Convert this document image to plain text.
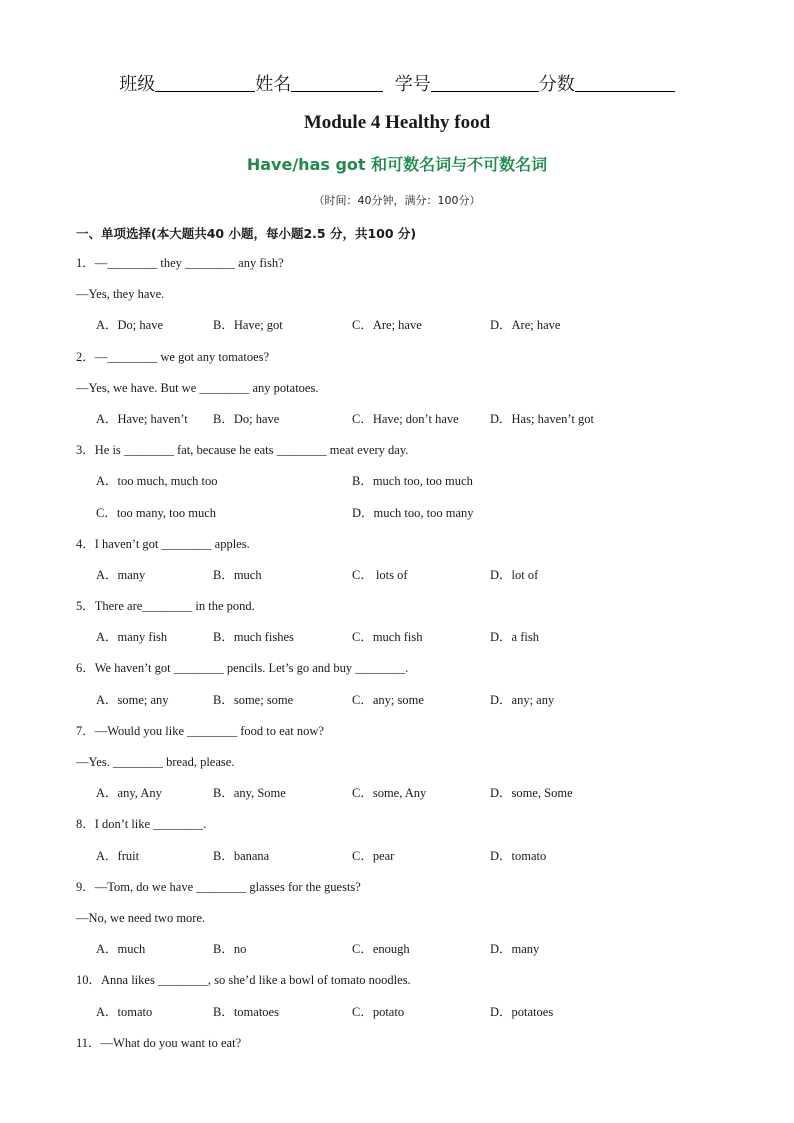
班级	姓名	学号	分数
Module 4 Healthy food
Have/has got 和可数名词与不可数名词
（时间：40分钟，满分：100分）
一、单项选择(本大题共40 小题，每小题2.5 分，共100 分)
1．—________ they ________ any fish?
—Yes, they have.
A．Do; have	B．Have; got	C．Are; have	D．Are; have
2．—________ we got any tomatoes?
—Yes, we have. But we ________ any potatoes.
A．Have; haven’t B．Do; have	C．Have; don’t have	D．Has; haven’t got
3．He is ________ fat, because he eats ________ meat every day.
A．too much, much too	B．much too, too much
C．too many, too much	D．much too, too many
4．I haven’t got ________ apples.
A．many	B．much	C． lots of	D．lot of
5．There are________ in the pond.
A．many fish	B．much fishes	C．much fish	D．a fish
6．We haven’t got ________ pencils. Let’s go and buy ________.
A．some; any	B．some; some	C．any; some	D．any; any
7．—Would you like ________ food to eat now?
—Yes. ________ bread, please.
A．any, Any	B．any, Some	C．some, Any	D．some, Some
8．I don’t like ________.
A．fruit	B．banana	C．pear	D．tomato
9．—Tom, do we have ________ glasses for the guests?
—No, we need two more.
A．much	B．no	C．enough	D．many
10．Anna likes ________, so she’d like a bowl of tomato noodles.
A．tomato	B．tomatoes	C．potato	D．potatoes
11．—What do you want to eat?
